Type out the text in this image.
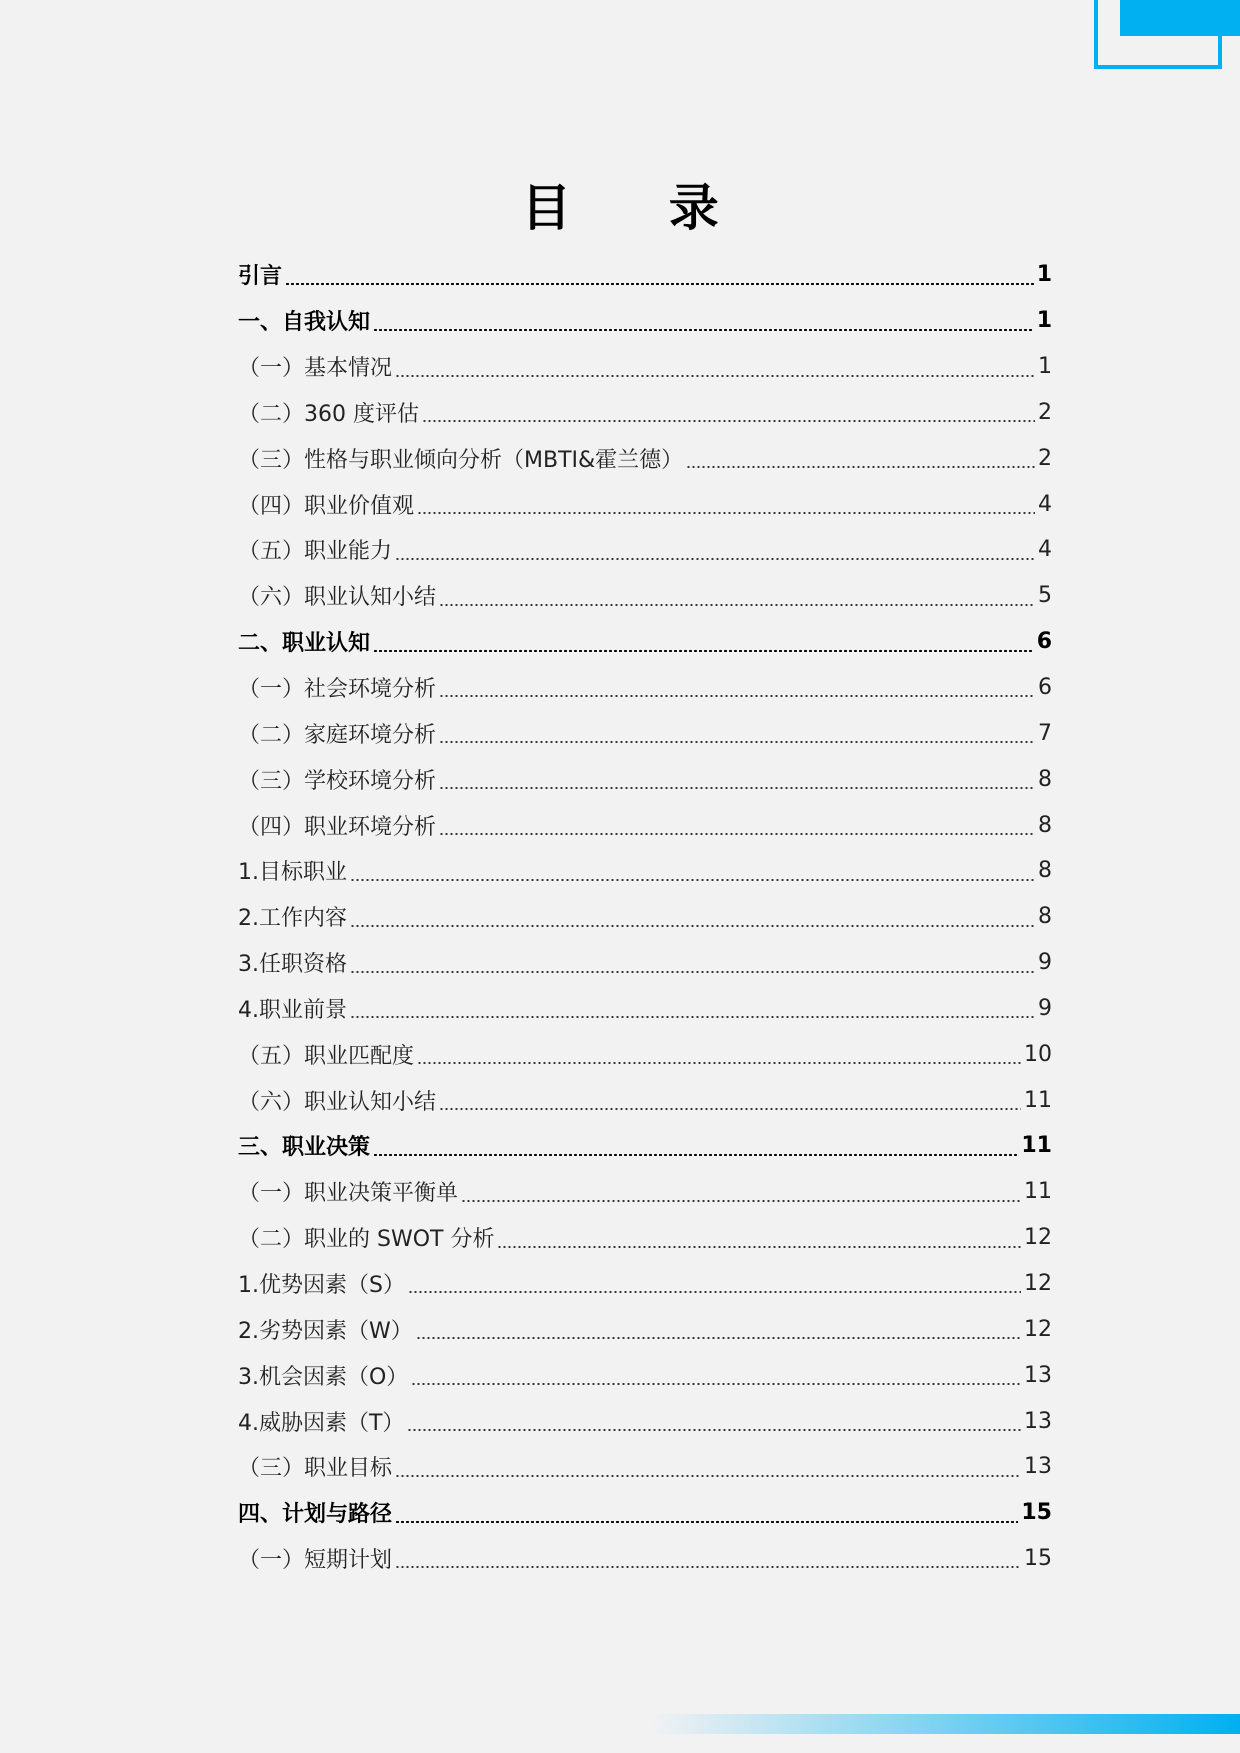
目 录
引言	1
一、自我认知	1
（一）基本情况	1
（二）360 度评估	2
（三）性格与职业倾向分析（MBTI&霍兰德）	2
（四）职业价值观	4
（五）职业能力	4
（六）职业认知小结	5
二、职业认知	6
（一）社会环境分析	6
（二）家庭环境分析	7
（三）学校环境分析	8
（四）职业环境分析	8
1.目标职业	8
2.工作内容	8
3.任职资格	9
4.职业前景	9
（五）职业匹配度	10
（六）职业认知小结	11
三、职业决策	11
（一）职业决策平衡单	11
（二）职业的 SWOT 分析	12
1.优势因素（S）	12
2.劣势因素（W）	12
3.机会因素（O）	13
4.威胁因素（T）	13
（三）职业目标	13
四、计划与路径	15
（一）短期计划	15
